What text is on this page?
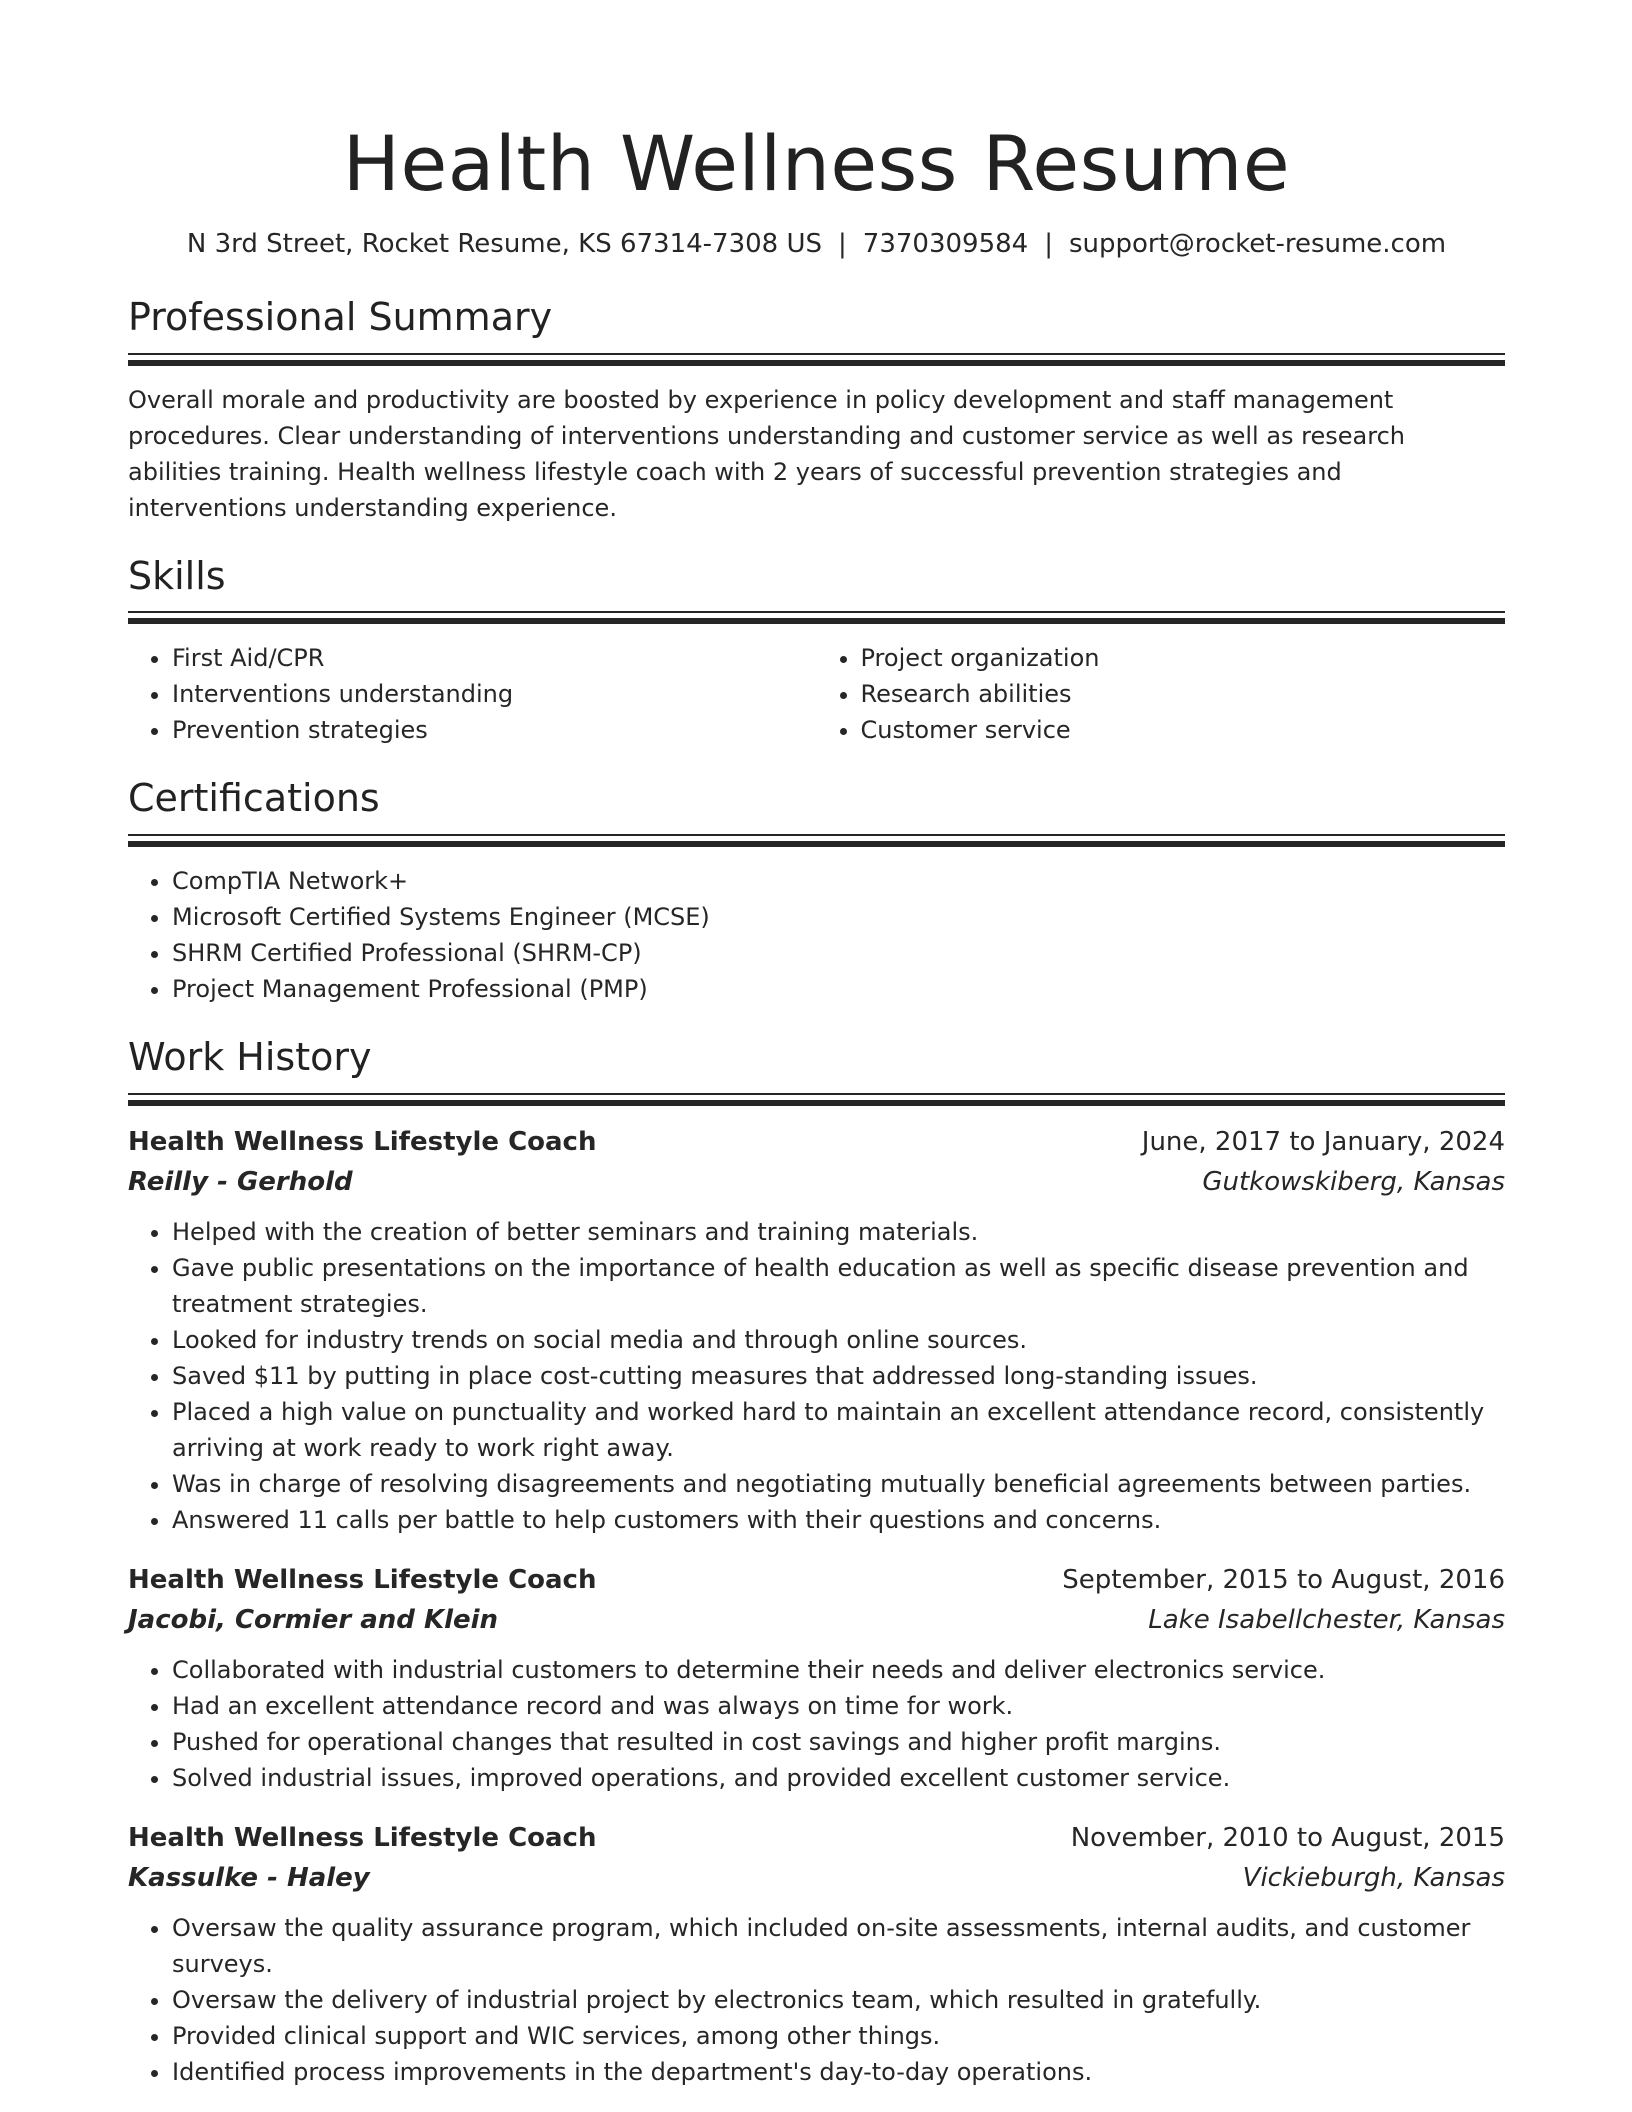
Health Wellness Resume
N 3rd Street, Rocket Resume, KS 67314-7308 US | 7370309584 | support@rocket-resume.com
Professional Summary

Overall morale and productivity are boosted by experience in policy development and staff management procedures. Clear understanding of interventions understanding and customer service as well as research abilities training. Health wellness lifestyle coach with 2 years of successful prevention strategies and interventions understanding experience.

Skills
• First Aid/CPR
• Interventions understanding
• Prevention strategies
• Project organization
• Research abilities
• Customer service
Certifications
• CompTIA Network+
• Microsoft Certified Systems Engineer (MCSE)
• SHRM Certified Professional (SHRM-CP)
• Project Management Professional (PMP)
Work History
Health Wellness Lifestyle Coach	June, 2017 to January, 2024
Reilly - Gerhold	Gutkowskiberg, Kansas
• Helped with the creation of better seminars and training materials.
• Gave public presentations on the importance of health education as well as specific disease prevention and treatment strategies.
• Looked for industry trends on social media and through online sources.
• Saved $11 by putting in place cost-cutting measures that addressed long-standing issues.
• Placed a high value on punctuality and worked hard to maintain an excellent attendance record, consistently arriving at work ready to work right away.
• Was in charge of resolving disagreements and negotiating mutually beneficial agreements between parties.
• Answered 11 calls per battle to help customers with their questions and concerns.
Health Wellness Lifestyle Coach	September, 2015 to August, 2016
Jacobi, Cormier and Klein	Lake Isabellchester, Kansas
• Collaborated with industrial customers to determine their needs and deliver electronics service.
• Had an excellent attendance record and was always on time for work.
• Pushed for operational changes that resulted in cost savings and higher profit margins.
• Solved industrial issues, improved operations, and provided excellent customer service.
Health Wellness Lifestyle Coach	November, 2010 to August, 2015
Kassulke - Haley	Vickieburgh, Kansas
• Oversaw the quality assurance program, which included on-site assessments, internal audits, and customer surveys.
• Oversaw the delivery of industrial project by electronics team, which resulted in gratefully.
• Provided clinical support and WIC services, among other things.
• Identified process improvements in the department's day-to-day operations.
